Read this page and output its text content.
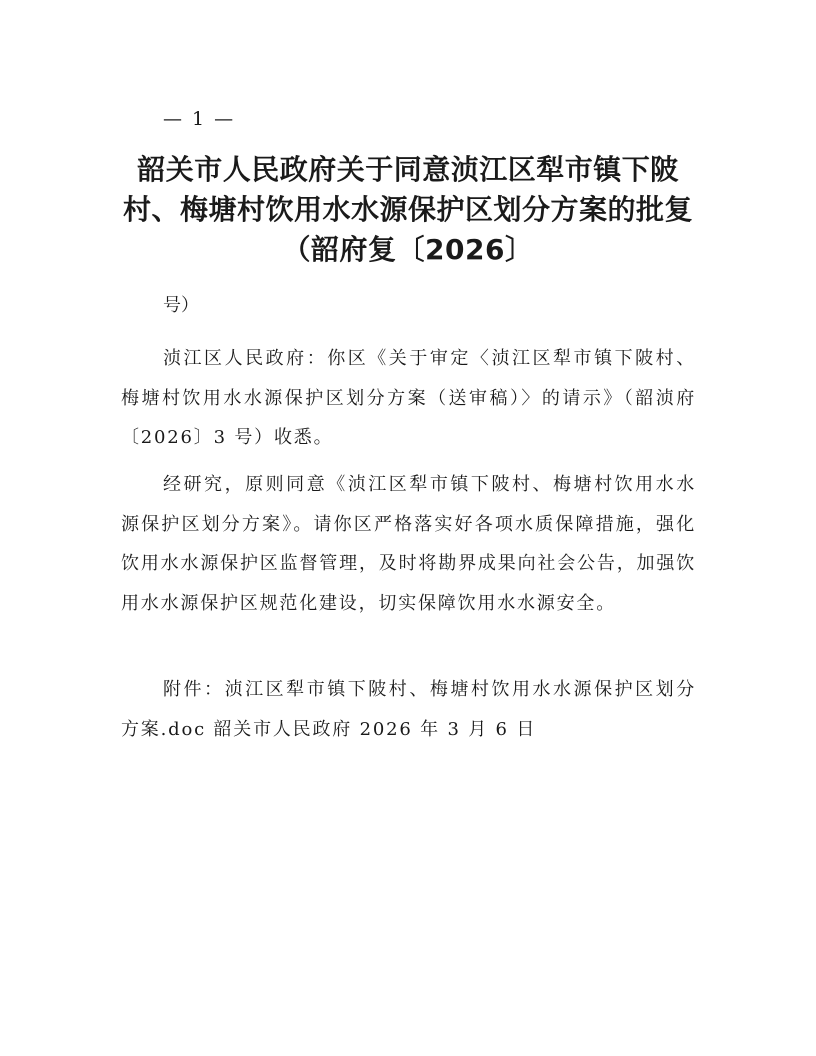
— 1 —
韶关市人民政府关于同意浈江区犁市镇下陂村、梅塘村饮用水水源保护区划分方案的批复（韶府复〔2026〕
号）
浈江区人民政府：你区《关于审定〈浈江区犁市镇下陂村、梅塘村饮用水水源保护区划分方案（送审稿）〉的请示》（韶浈府〔2026〕3 号）收悉。
经研究，原则同意《浈江区犁市镇下陂村、梅塘村饮用水水源保护区划分方案》。请你区严格落实好各项水质保障措施，强化饮用水水源保护区监督管理，及时将勘界成果向社会公告，加强饮用水水源保护区规范化建设，切实保障饮用水水源安全。
附件：浈江区犁市镇下陂村、梅塘村饮用水水源保护区划分方案.doc 韶关市人民政府 2026 年 3 月 6 日
